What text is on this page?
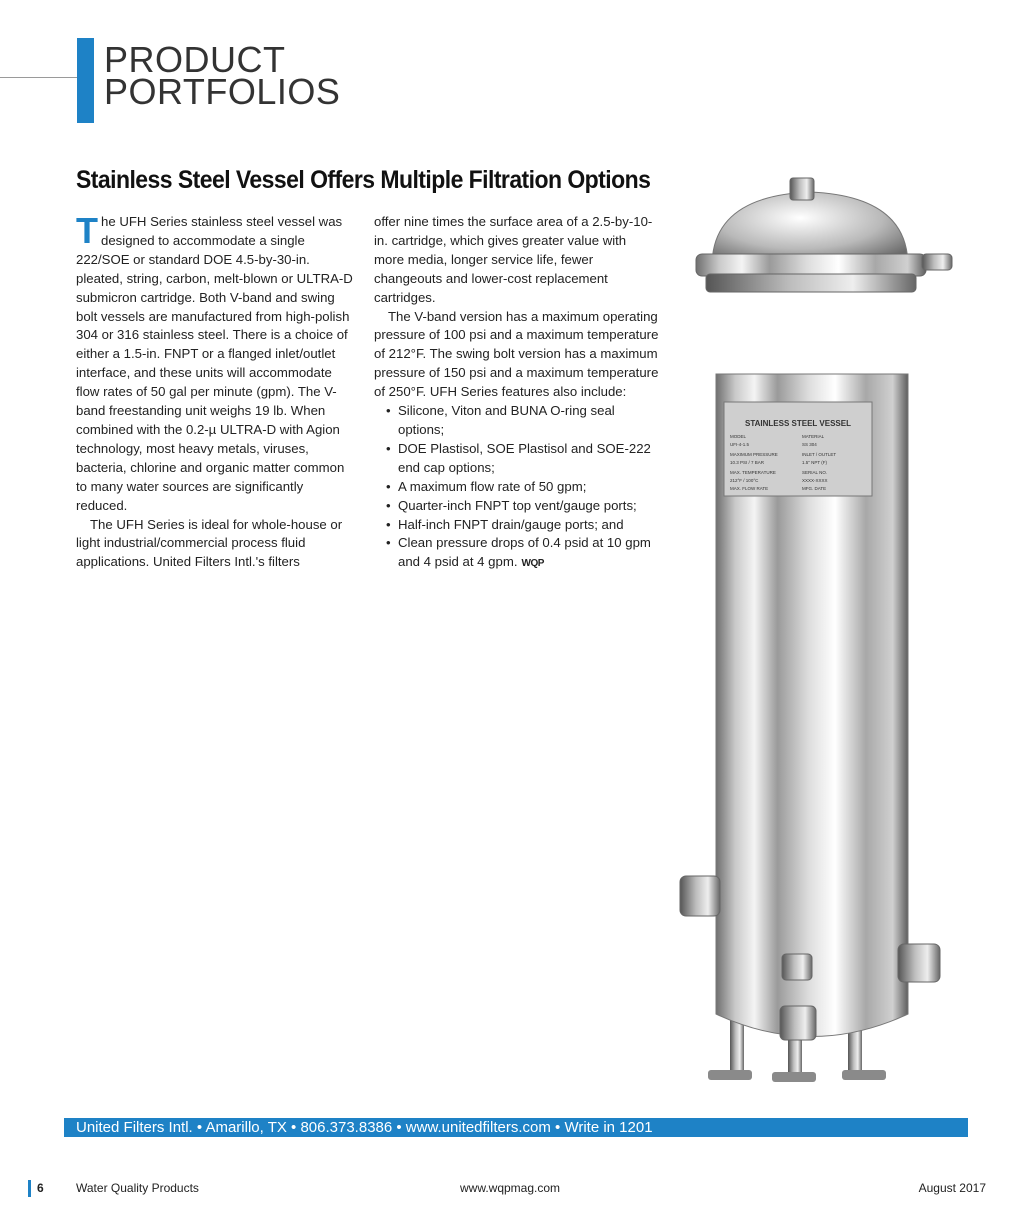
PRODUCT
PORTFOLIOS
Stainless Steel Vessel Offers Multiple Filtration Options

The UFH Series stainless steel vessel was designed to accommodate a single 222/SOE or standard DOE 4.5-by-30-in. pleated, string, carbon, melt-blown or ULTRA-D submicron cartridge. Both V-band and swing bolt vessels are manufactured from high-polish 304 or 316 stainless steel. There is a choice of either a 1.5-in. FNPT or a flanged inlet/outlet interface, and these units will accommodate flow rates of 50 gal per minute (gpm). The V-band freestanding unit weighs 19 lb. When combined with the 0.2-µ ULTRA-D with Agion technology, most heavy metals, viruses, bacteria, chlorine and organic matter common to many water sources are significantly reduced.

The UFH Series is ideal for whole-house or light industrial/commercial process fluid applications. United Filters Intl.'s filters

offer nine times the surface area of a 2.5-by-10-in. cartridge, which gives greater value with more media, longer service life, fewer changeouts and lower-cost replacement cartridges.

The V-band version has a maximum operating pressure of 100 psi and a maximum temperature of 212°F. The swing bolt version has a maximum pressure of 150 psi and a maximum temperature of 250°F. UFH Series features also include:

• Silicone, Viton and BUNA O-ring seal options;
• DOE Plastisol, SOE Plastisol and SOE-222 end cap options;
• A maximum flow rate of 50 gpm;
• Quarter-inch FNPT top vent/gauge ports;
• Half-inch FNPT drain/gauge ports; and
• Clean pressure drops of 0.4 psid at 10 gpm and 4 psid at 4 gpm. WQP
STAINLESS STEEL VESSEL
MODEL	MATERIAL
UFI-4-1.5	SS 304
MAXIMUM PRESSURE	INLET / OUTLET
10.3 PSI / 7 BAR	1.5" NPT (F)
MAX. TEMPERATURE	SERIAL NO.
212°F / 100°C	XXXX-XXXX
MAX. FLOW RATE	MFG. DATE
United Filters Intl. • Amarillo, TX • 806.373.8386 • www.unitedfilters.com • Write in 1201
6	Water Quality Products	www.wqpmag.com	August 2017
